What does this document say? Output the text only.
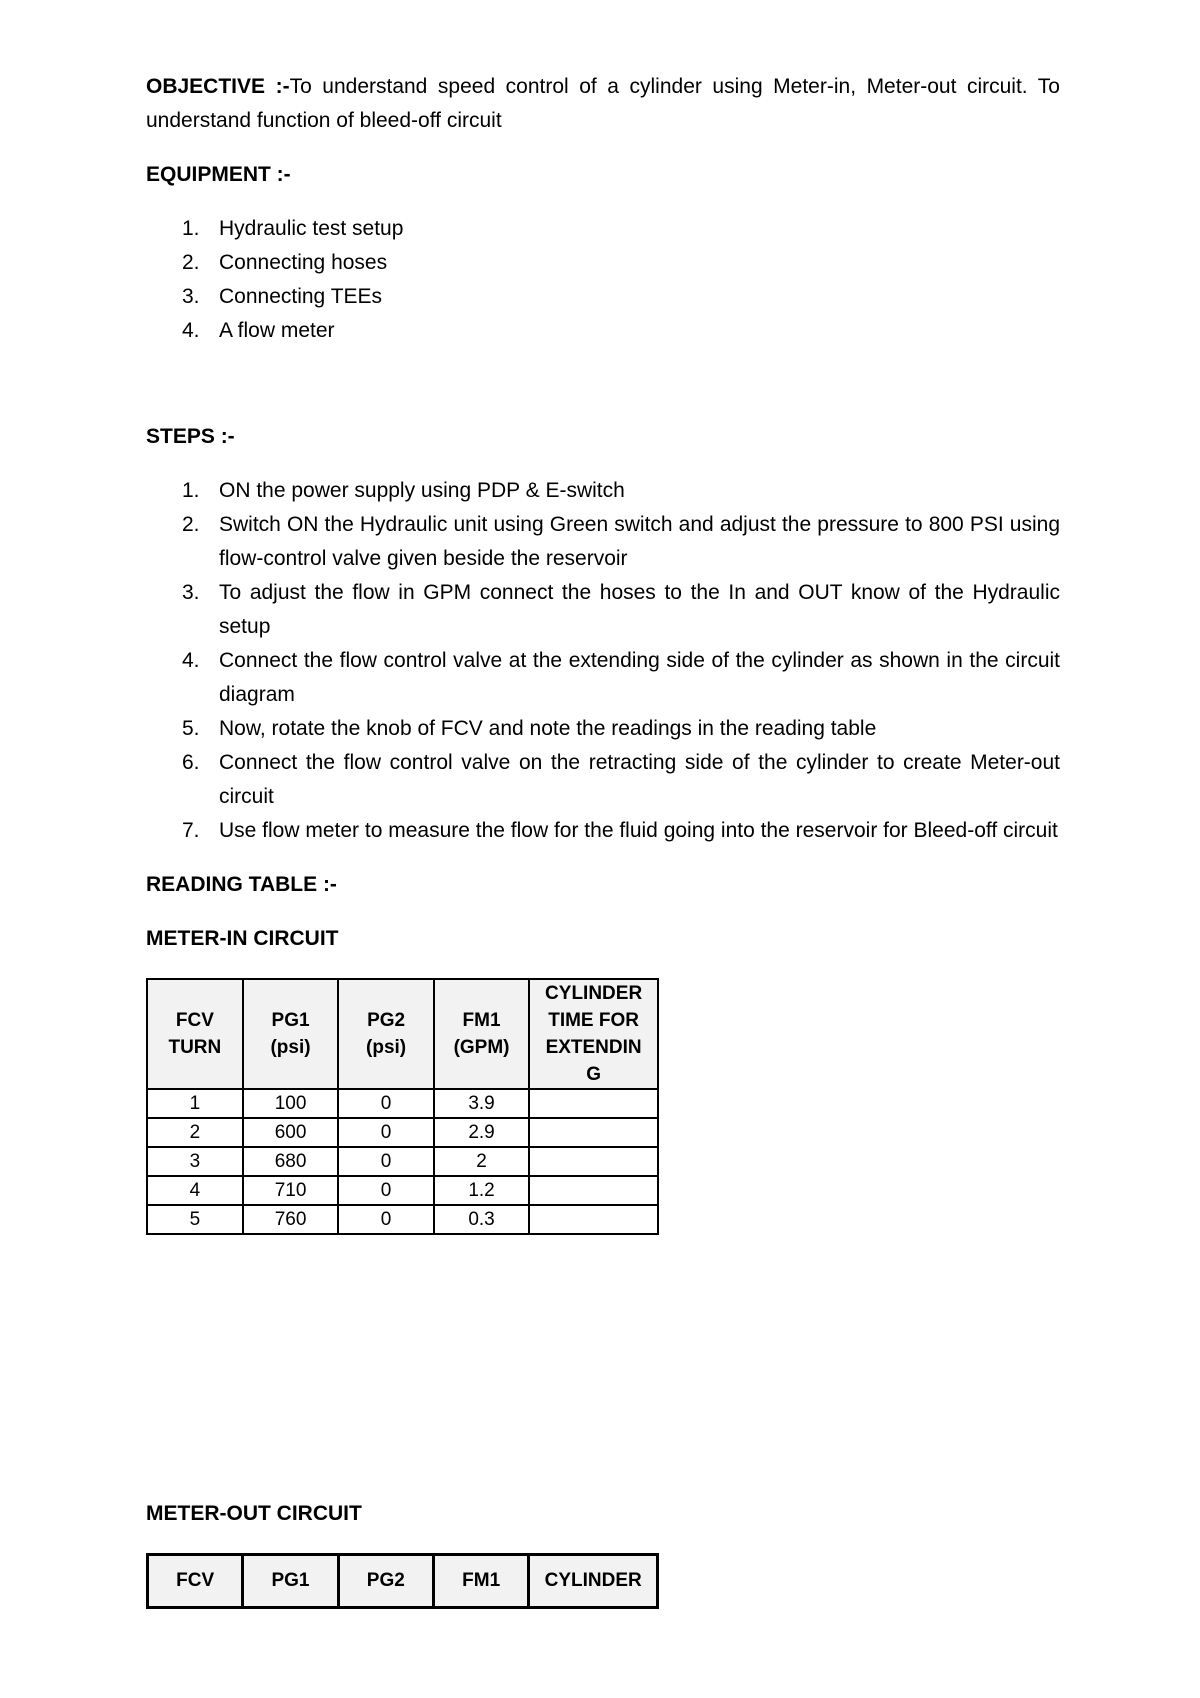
OBJECTIVE :-To understand speed control of a cylinder using Meter-in, Meter-out circuit. To understand function of bleed-off circuit

EQUIPMENT :-

1. Hydraulic test setup
2. Connecting hoses
3. Connecting TEEs
4. A flow meter

STEPS :-

1. ON the power supply using PDP & E-switch
2. Switch ON the Hydraulic unit using Green switch and adjust the pressure to 800 PSI using flow-control valve given beside the reservoir
3. To adjust the flow in GPM connect the hoses to the In and OUT know of the Hydraulic setup
4. Connect the flow control valve at the extending side of the cylinder as shown in the circuit diagram
5. Now, rotate the knob of FCV and note the readings in the reading table
6. Connect the flow control valve on the retracting side of the cylinder to create Meter-out circuit
7. Use flow meter to measure the flow for the fluid going into the reservoir for Bleed-off circuit

READING TABLE :-

METER-IN CIRCUIT

FCV TURN	PG1 (psi)	PG2 (psi)	FM1 (GPM)	CYLINDER TIME FOR EXTENDIN G
1	100	0	3.9	
2	600	0	2.9	
3	680	0	2	
4	710	0	1.2	
5	760	0	0.3	

METER-OUT CIRCUIT

FCV	PG1	PG2	FM1	CYLINDER
